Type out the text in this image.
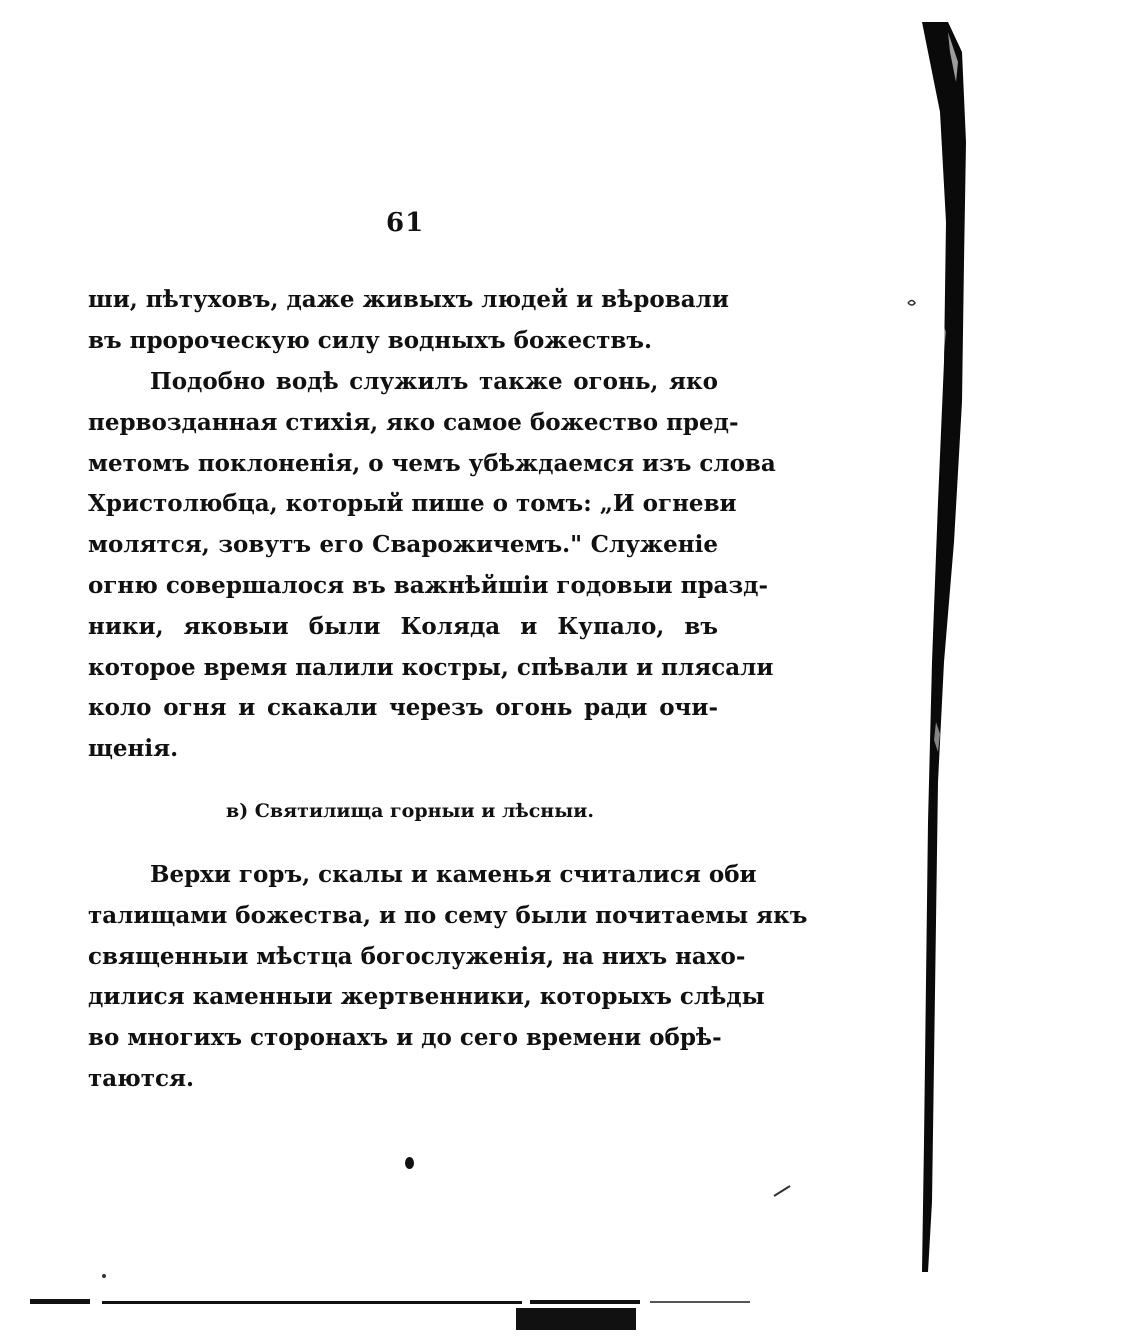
61
ши, пѣтуховъ, даже живыхъ людей и вѣровали
въ пророческую силу водныхъ божествъ.
Подобно водѣ служилъ также огонь, яко
первозданная стихія, яко самое божество пред-
метомъ поклоненія, о чемъ убѣждаемся изъ слова
Христолюбца, который пише о томъ: „И огневи
молятся, зовутъ его Сварожичемъ." Служеніе
огню совершалося въ важнѣйшіи годовыи празд-
ники, яковыи были Коляда и Купало, въ
которое время палили костры, спѣвали и плясали
коло огня и скакали черезъ огонь ради очи-
щенія.
в) Святилища горныи и лѣсныи.
Верхи горъ, скалы и каменья считалися оби
талищами божества, и по сему были почитаемы якъ
священныи мѣстца богослуженія, на нихъ нахо-
дилися каменныи жертвенники, которыхъ слѣды
во многихъ сторонахъ и до сего времени обрѣ-
таются.
